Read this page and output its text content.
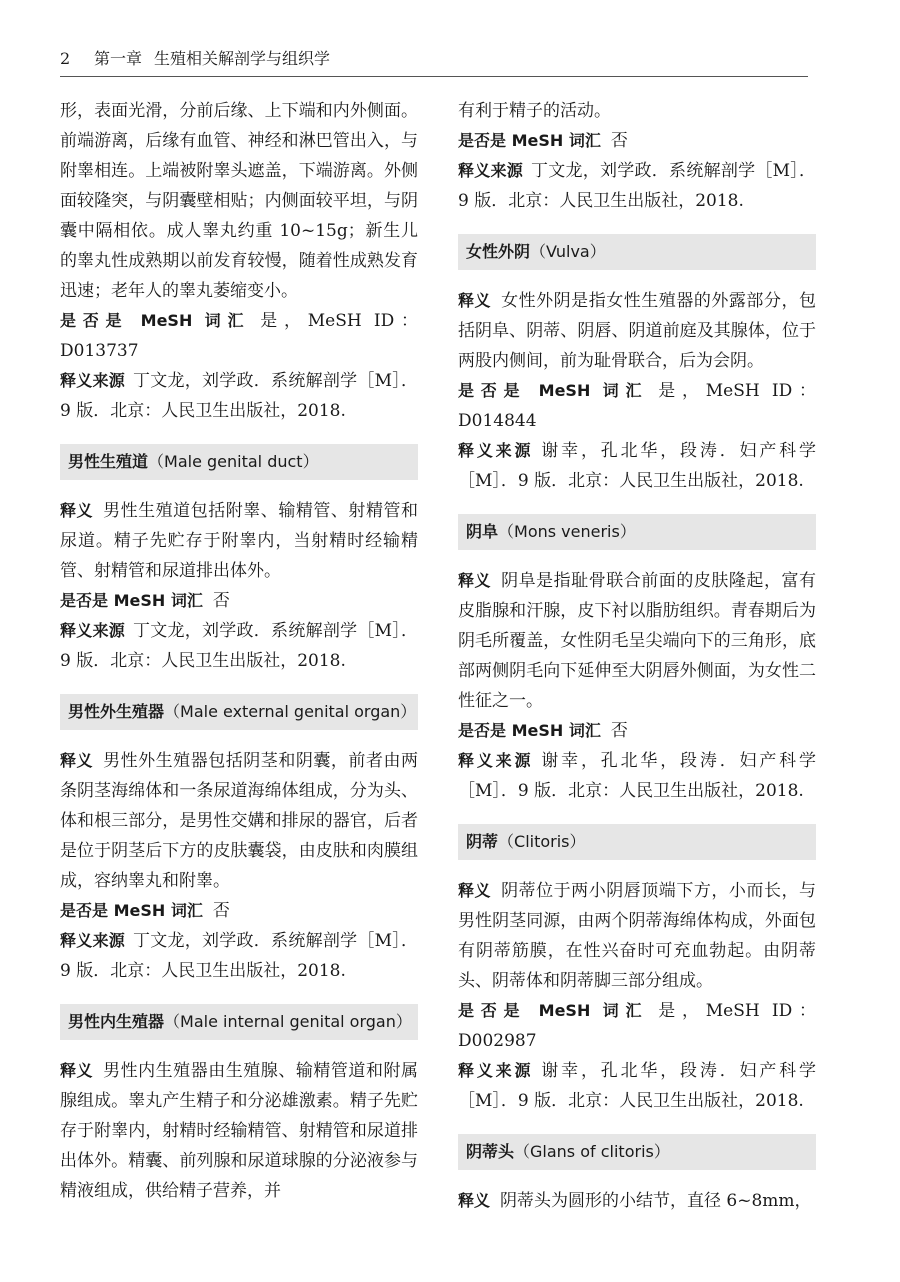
2 第一章 生殖相关解剖学与组织学

形，表面光滑，分前后缘、上下端和内外侧面。前端游离，后缘有血管、神经和淋巴管出入，与附睾相连。上端被附睾头遮盖，下端游离。外侧面较隆突，与阴囊壁相贴；内侧面较平坦，与阴囊中隔相依。成人睾丸约重 10~15g；新生儿的睾丸性成熟期以前发育较慢，随着性成熟发育迅速；老年人的睾丸萎缩变小。

是否是 MeSH 词汇 是，MeSH ID：D013737

释义来源 丁文龙，刘学政．系统解剖学［M］．9 版．北京：人民卫生出版社，2018.

男性生殖道（Male genital duct）

释义 男性生殖道包括附睾、输精管、射精管和尿道。精子先贮存于附睾内，当射精时经输精管、射精管和尿道排出体外。

是否是 MeSH 词汇 否

释义来源 丁文龙，刘学政．系统解剖学［M］．9 版．北京：人民卫生出版社，2018.

男性外生殖器（Male external genital organ）

释义 男性外生殖器包括阴茎和阴囊，前者由两条阴茎海绵体和一条尿道海绵体组成，分为头、体和根三部分，是男性交媾和排尿的器官，后者是位于阴茎后下方的皮肤囊袋，由皮肤和肉膜组成，容纳睾丸和附睾。

是否是 MeSH 词汇 否

释义来源 丁文龙，刘学政．系统解剖学［M］．9 版．北京：人民卫生出版社，2018.

男性内生殖器（Male internal genital organ）

释义 男性内生殖器由生殖腺、输精管道和附属腺组成。睾丸产生精子和分泌雄激素。精子先贮存于附睾内，射精时经输精管、射精管和尿道排出体外。精囊、前列腺和尿道球腺的分泌液参与精液组成，供给精子营养，并

有利于精子的活动。

是否是 MeSH 词汇 否

释义来源 丁文龙，刘学政．系统解剖学［M］．9 版．北京：人民卫生出版社，2018.

女性外阴（Vulva）

释义 女性外阴是指女性生殖器的外露部分，包括阴阜、阴蒂、阴唇、阴道前庭及其腺体，位于两股内侧间，前为耻骨联合，后为会阴。

是否是 MeSH 词汇 是，MeSH ID：D014844

释义来源 谢幸，孔北华，段涛．妇产科学［M］．9 版．北京：人民卫生出版社，2018.

阴阜（Mons veneris）

释义 阴阜是指耻骨联合前面的皮肤隆起，富有皮脂腺和汗腺，皮下衬以脂肪组织。青春期后为阴毛所覆盖，女性阴毛呈尖端向下的三角形，底部两侧阴毛向下延伸至大阴唇外侧面，为女性二性征之一。

是否是 MeSH 词汇 否

释义来源 谢幸，孔北华，段涛．妇产科学［M］．9 版．北京：人民卫生出版社，2018.

阴蒂（Clitoris）

释义 阴蒂位于两小阴唇顶端下方，小而长，与男性阴茎同源，由两个阴蒂海绵体构成，外面包有阴蒂筋膜，在性兴奋时可充血勃起。由阴蒂头、阴蒂体和阴蒂脚三部分组成。

是否是 MeSH 词汇 是，MeSH ID：D002987

释义来源 谢幸，孔北华，段涛．妇产科学［M］．9 版．北京：人民卫生出版社，2018.

阴蒂头（Glans of clitoris）

释义 阴蒂头为圆形的小结节，直径 6~8mm，
